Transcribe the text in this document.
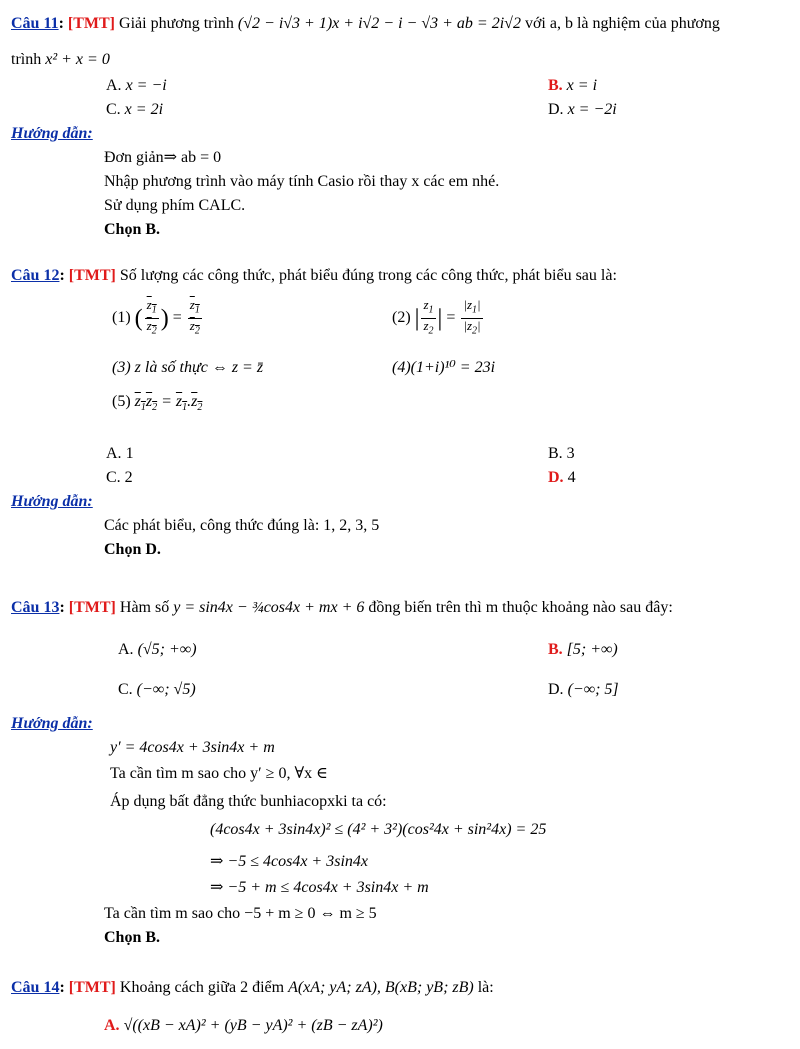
Câu 11: [TMT] Giải phương trình (√2 − i√3 + 1)x + i√2 − i − √3 + ab = 2i√2 với a, b là nghiệm của phương
trình x² + x = 0
A. x = −i	B. x = i
C. x = 2i	D. x = −2i
Hướng dẫn:
Đơn giản⇒ ab = 0
Nhập phương trình vào máy tính Casio rồi thay x các em nhé.
Sử dụng phím CALC.
Chọn B.
Câu 12: [TMT] Số lượng các công thức, phát biểu đúng trong các công thức, phát biểu sau là:
(1) ( $\frac{z_1}{z_2}$ ) = $\frac{z_1}{z_2}$	(2) | $\frac{z_1}{z_2}$ | = $\frac{|z_1|}{|z_2|}$
(3) z là số thực ⇔ z = z̄	(4)(1+i)¹⁰ = 23i
(5) $z_1z_2 = z_1.z_2$
A. 1	B. 3
C. 2	D. 4
Hướng dẫn:
Các phát biểu, công thức đúng là: 1, 2, 3, 5
Chọn D.
Câu 13: [TMT] Hàm số y = sin4x − ¾cos4x + mx + 6 đồng biến trên thì m thuộc khoảng nào sau đây:
A. (√5; +∞)	B. [5; +∞)
C. (−∞; √5)	D. (−∞; 5]
Hướng dẫn:
y′ = 4cos4x + 3sin4x + m
Ta cần tìm m sao cho y′ ≥ 0, ∀x ∈
Áp dụng bất đẳng thức bunhiacopxki ta có:
(4cos4x + 3sin4x)² ≤ (4² + 3²)(cos²4x + sin²4x) = 25
⇒ −5 ≤ 4cos4x + 3sin4x
⇒ −5 + m ≤ 4cos4x + 3sin4x + m
Ta cần tìm m sao cho −5 + m ≥ 0 ⇔ m ≥ 5
Chọn B.
Câu 14: [TMT] Khoảng cách giữa 2 điểm A(xA; yA; zA), B(xB; yB; zB) là:
A. √((xB − xA)² + (yB − yA)² + (zB − zA)²)
